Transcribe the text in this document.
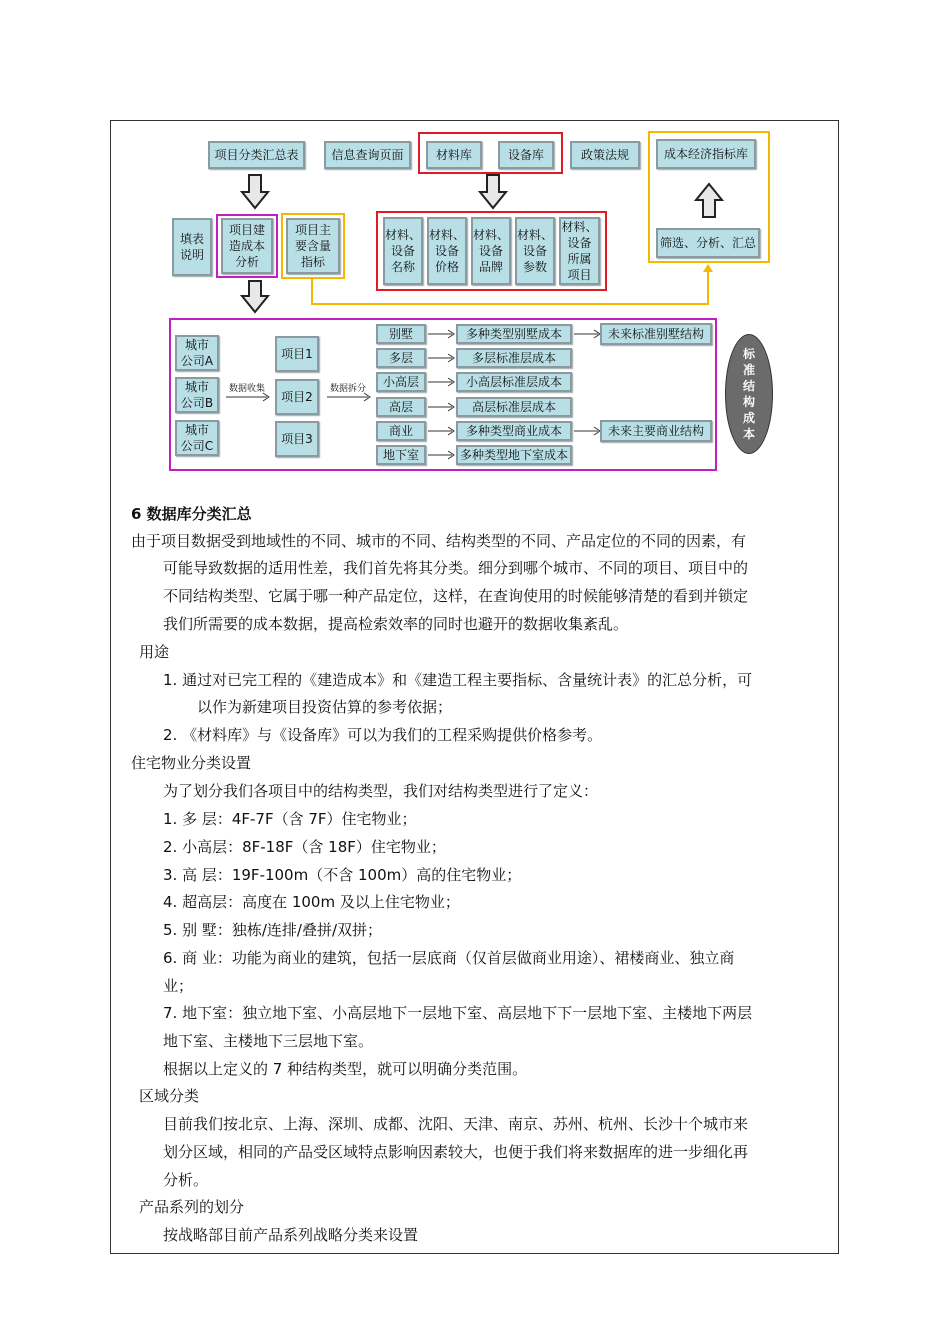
项目分类汇总表	信息查询页面	材料库	设备库	政策法规	成本经济指标库
填表
说明
项目建
造成本
分析
项目主
要含量
指标
材料、
设备
名称
材料、
设备
价格
材料、
设备
品牌
材料、
设备
参数
材料、
设备
所属
项目
筛选、分析、汇总
城市
公司A
城市
公司B
城市
公司C
数据收集
项目1
项目2
项目3
数据拆分
别墅
多层
小高层
高层
商业
地下室
多种类型别墅成本
多层标准层成本
小高层标准层成本
高层标准层成本
多种类型商业成本
多种类型地下室成本
未来标准别墅结构
未来主要商业结构
标
准
结
构
成
本
6 数据库分类汇总
由于项目数据受到地域性的不同、城市的不同、结构类型的不同、产品定位的不同的因素，有
可能导致数据的适用性差，我们首先将其分类。细分到哪个城市、不同的项目、项目中的
不同结构类型、它属于哪一种产品定位，这样，在查询使用的时候能够清楚的看到并锁定
我们所需要的成本数据，提高检索效率的同时也避开的数据收集紊乱。
用途
1. 通过对已完工程的《建造成本》和《建造工程主要指标、含量统计表》的汇总分析，可
以作为新建项目投资估算的参考依据；
2. 《材料库》与《设备库》可以为我们的工程采购提供价格参考。
住宅物业分类设置
为了划分我们各项目中的结构类型，我们对结构类型进行了定义：
1. 多 层：4F-7F（含 7F）住宅物业；
2. 小高层：8F-18F（含 18F）住宅物业；
3. 高 层：19F-100m（不含 100m）高的住宅物业；
4. 超高层：高度在 100m 及以上住宅物业；
5. 别 墅：独栋/连排/叠拼/双拼；
6. 商 业：功能为商业的建筑，包括一层底商（仅首层做商业用途）、裙楼商业、独立商
业；
7. 地下室：独立地下室、小高层地下一层地下室、高层地下下一层地下室、主楼地下两层
地下室、主楼地下三层地下室。
根据以上定义的 7 种结构类型，就可以明确分类范围。
区域分类
目前我们按北京、上海、深圳、成都、沈阳、天津、南京、苏州、杭州、长沙十个城市来
划分区域，相同的产品受区域特点影响因素较大，也便于我们将来数据库的进一步细化再
分析。
产品系列的划分
按战略部目前产品系列战略分类来设置
